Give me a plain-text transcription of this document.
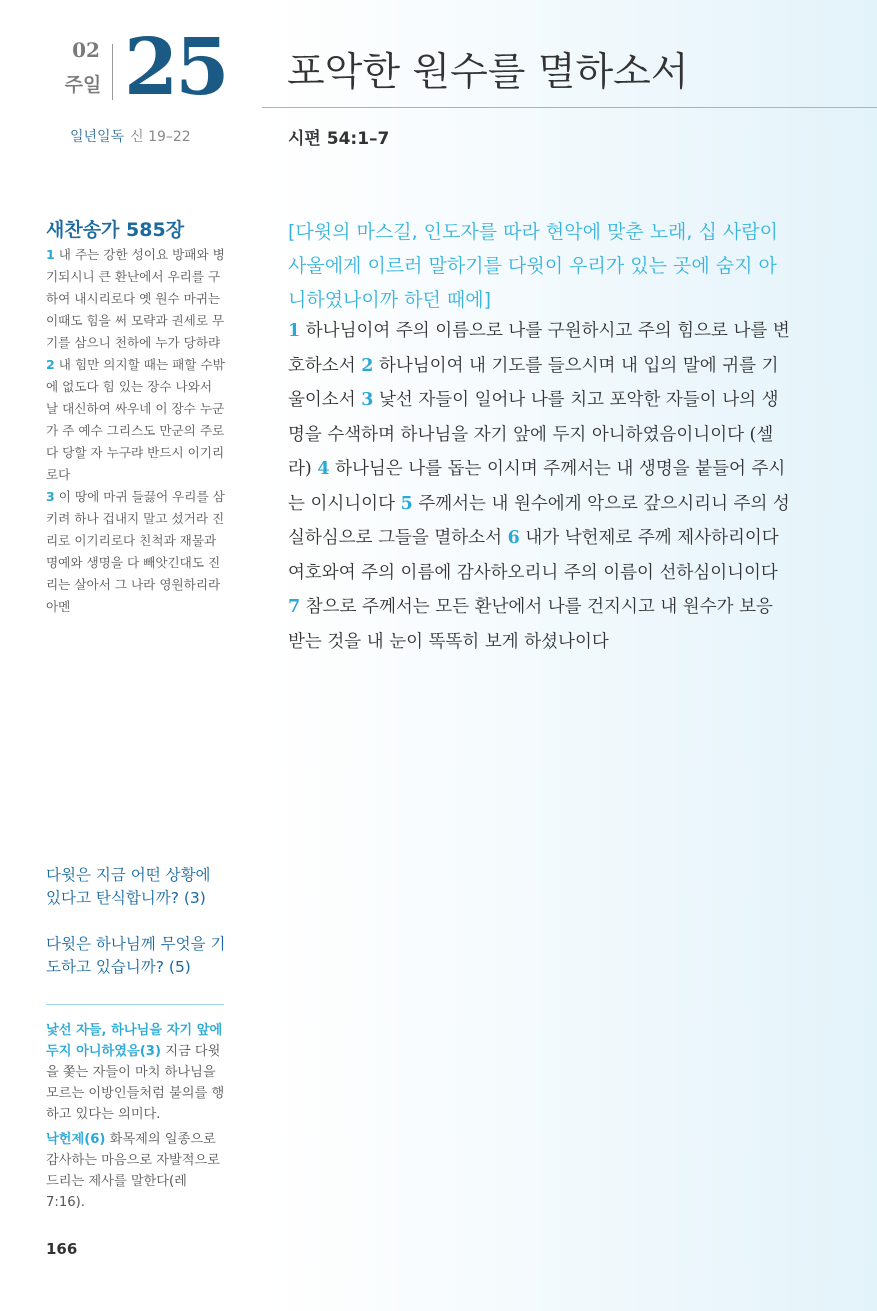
02
주일 25 포악한 원수를 멸하소서
일년일독 신 19–22	시편 54:1–7
새찬송가 585장

1 내 주는 강한 성이요 방패와 병기되시니 큰 환난에서 우리를 구하여 내시리로다 옛 원수 마귀는 이때도 힘을 써 모략과 권세로 무기를 삼으니 천하에 누가 당하랴

2 내 힘만 의지할 때는 패할 수밖에 없도다 힘 있는 장수 나와서 날 대신하여 싸우네 이 장수 누군가 주 예수 그리스도 만군의 주로다 당할 자 누구랴 반드시 이기리로다

3 이 땅에 마귀 들끓어 우리를 삼키려 하나 겁내지 말고 섰거라 진리로 이기리로다 친척과 재물과 명예와 생명을 다 빼앗긴대도 진리는 살아서 그 나라 영원하리라 아멘

[다윗의 마스길, 인도자를 따라 현악에 맞춘 노래, 십 사람이 사울에게 이르러 말하기를 다윗이 우리가 있는 곳에 숨지 아니하였나이까 하던 때에]

1 하나님이여 주의 이름으로 나를 구원하시고 주의 힘으로 나를 변호하소서 2 하나님이여 내 기도를 들으시며 내 입의 말에 귀를 기울이소서 3 낯선 자들이 일어나 나를 치고 포악한 자들이 나의 생명을 수색하며 하나님을 자기 앞에 두지 아니하였음이니이다 (셀라) 4 하나님은 나를 돕는 이시며 주께서는 내 생명을 붙들어 주시는 이시니이다 5 주께서는 내 원수에게 악으로 갚으시리니 주의 성실하심으로 그들을 멸하소서 6 내가 낙헌제로 주께 제사하리이다 여호와여 주의 이름에 감사하오리니 주의 이름이 선하심이니이다 7 참으로 주께서는 모든 환난에서 나를 건지시고 내 원수가 보응 받는 것을 내 눈이 똑똑히 보게 하셨나이다

다윗은 지금 어떤 상황에 있다고 탄식합니까? (3)
다윗은 하나님께 무엇을 기도하고 있습니까? (5)

낯선 자들, 하나님을 자기 앞에 두지 아니하였음(3) 지금 다윗을 쫓는 자들이 마치 하나님을 모르는 이방인들처럼 불의를 행하고 있다는 의미다.

낙헌제(6) 화목제의 일종으로 감사하는 마음으로 자발적으로 드리는 제사를 말한다(레 7:16).

166
